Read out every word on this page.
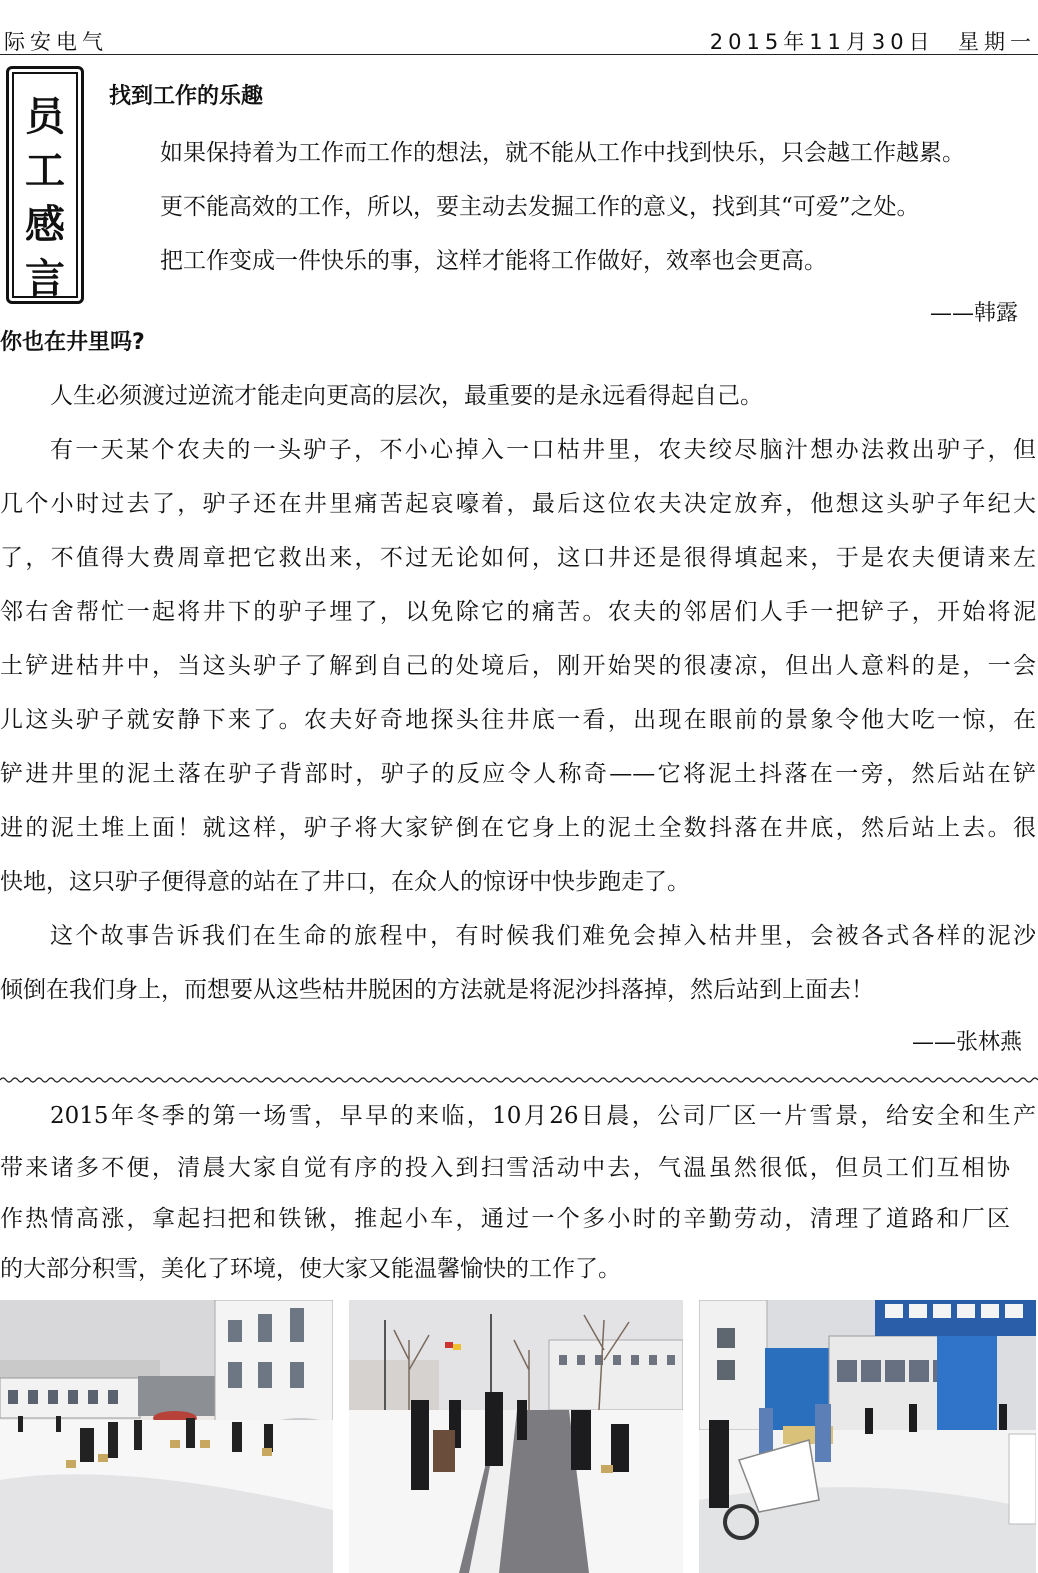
际安电气	2015年11月30日 星期一
员
工
感
言
找到工作的乐趣
如果保持着为工作而工作的想法，就不能从工作中找到快乐，只会越工作越累。
更不能高效的工作，所以，要主动去发掘工作的意义，找到其“可爱”之处。
把工作变成一件快乐的事，这样才能将工作做好，效率也会更高。
——韩露
你也在井里吗?
人生必须渡过逆流才能走向更高的层次，最重要的是永远看得起自己。
有一天某个农夫的一头驴子，不小心掉入一口枯井里，农夫绞尽脑汁想办法救出驴子，但
几个小时过去了，驴子还在井里痛苦起哀嚎着，最后这位农夫决定放弃，他想这头驴子年纪大
了，不值得大费周章把它救出来，不过无论如何，这口井还是很得填起来，于是农夫便请来左
邻右舍帮忙一起将井下的驴子埋了，以免除它的痛苦。农夫的邻居们人手一把铲子，开始将泥
土铲进枯井中，当这头驴子了解到自己的处境后，刚开始哭的很凄凉，但出人意料的是，一会
儿这头驴子就安静下来了。农夫好奇地探头往井底一看，出现在眼前的景象令他大吃一惊，在
铲进井里的泥土落在驴子背部时，驴子的反应令人称奇——它将泥土抖落在一旁，然后站在铲
进的泥土堆上面！就这样，驴子将大家铲倒在它身上的泥土全数抖落在井底，然后站上去。很
快地，这只驴子便得意的站在了井口，在众人的惊讶中快步跑走了。
这个故事告诉我们在生命的旅程中，有时候我们难免会掉入枯井里，会被各式各样的泥沙
倾倒在我们身上，而想要从这些枯井脱困的方法就是将泥沙抖落掉，然后站到上面去！
——张林燕
2015年冬季的第一场雪，早早的来临，10月26日晨，公司厂区一片雪景，给安全和生产
带来诸多不便，清晨大家自觉有序的投入到扫雪活动中去，气温虽然很低，但员工们互相协
作热情高涨，拿起扫把和铁锹，推起小车，通过一个多小时的辛勤劳动，清理了道路和厂区
的大部分积雪，美化了环境，使大家又能温馨愉快的工作了。
